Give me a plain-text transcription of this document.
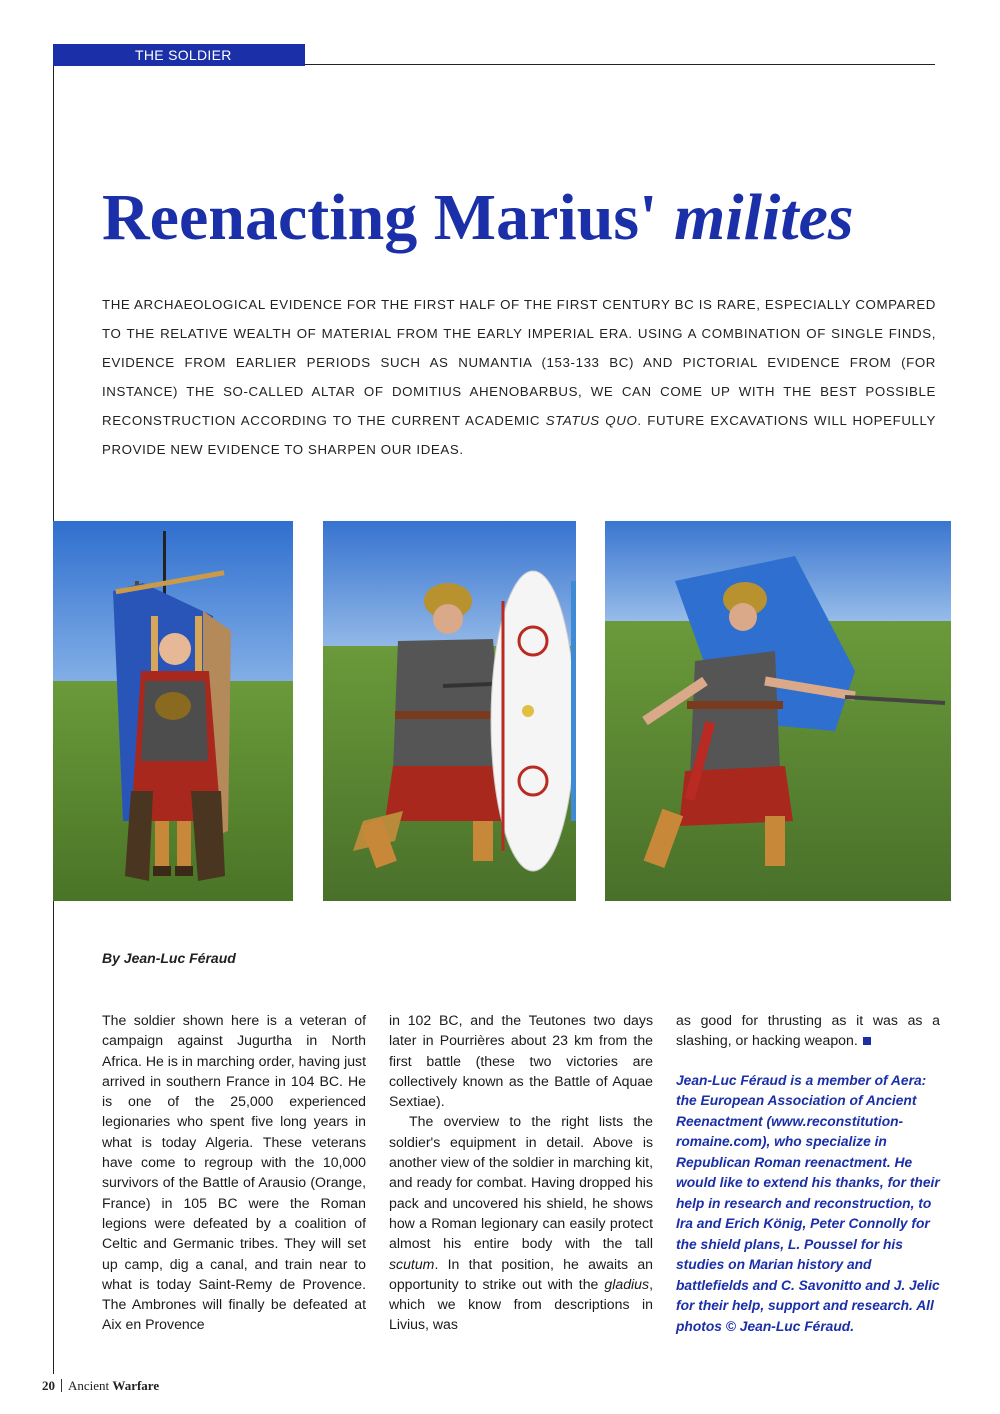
THE SOLDIER
Reenacting Marius' milites

THE ARCHAEOLOGICAL EVIDENCE FOR THE FIRST HALF OF THE FIRST CENTURY BC IS RARE, ESPECIALLY COMPARED TO THE RELATIVE WEALTH OF MATERIAL FROM THE EARLY IMPERIAL ERA. USING A COMBINATION OF SINGLE FINDS, EVIDENCE FROM EARLIER PERIODS SUCH AS NUMANTIA (153-133 BC) AND PICTORIAL EVIDENCE FROM (FOR INSTANCE) THE SO-CALLED ALTAR OF DOMITIUS AHENOBARBUS, WE CAN COME UP WITH THE BEST POSSIBLE RECONSTRUCTION ACCORDING TO THE CURRENT ACADEMIC STATUS QUO. FUTURE EXCAVATIONS WILL HOPEFULLY PROVIDE NEW EVIDENCE TO SHARPEN OUR IDEAS.

By Jean-Luc Féraud

The soldier shown here is a veteran of campaign against Jugurtha in North Africa. He is in marching order, having just arrived in southern France in 104 BC. He is one of the 25,000 experienced legionaries who spent five long years in what is today Algeria. These veterans have come to regroup with the 10,000 survivors of the Battle of Arausio (Orange, France) in 105 BC were the Roman legions were defeated by a coalition of Celtic and Germanic tribes. They will set up camp, dig a canal, and train near to what is today Saint-Remy de Provence. The Ambrones will finally be defeated at Aix en Provence

in 102 BC, and the Teutones two days later in Pourrières about 23 km from the first battle (these two victories are collectively known as the Battle of Aquae Sextiae).

The overview to the right lists the soldier's equipment in detail. Above is another view of the soldier in marching kit, and ready for combat. Having dropped his pack and uncovered his shield, he shows how a Roman legionary can easily protect almost his entire body with the tall scutum. In that position, he awaits an opportunity to strike out with the gladius, which we know from descriptions in Livius, was

as good for thrusting as it was as a slashing, or hacking weapon.

Jean-Luc Féraud is a member of Aera: the European Association of Ancient Reenactment (www.reconstitution-romaine.com), who specialize in Republican Roman reenactment. He would like to extend his thanks, for their help in research and reconstruction, to Ira and Erich König, Peter Connolly for the shield plans, L. Poussel for his studies on Marian history and battlefields and C. Savonitto and J. Jelic for their help, support and research. All photos © Jean-Luc Féraud.

20 Ancient Warfare
